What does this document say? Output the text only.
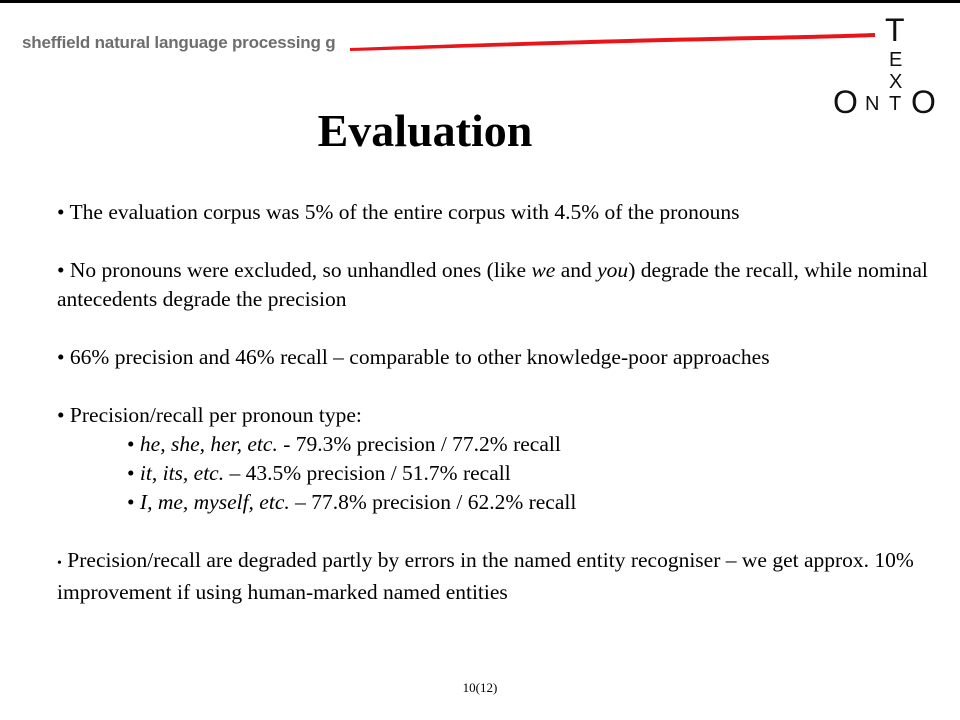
sheffield natural language processing g	T
E
X
O N T O
Evaluation

• The evaluation corpus was 5% of the entire corpus with 4.5% of the pronouns

• No pronouns were excluded, so unhandled ones (like we and you) degrade the recall, while nominal antecedents degrade the precision

• 66% precision and 46% recall – comparable to other knowledge-poor approaches

• Precision/recall per pronoun type:

• he, she, her, etc. - 79.3% precision / 77.2% recall

• it, its, etc. – 43.5% precision / 51.7% recall

• I, me, myself, etc. – 77.8% precision / 62.2% recall

• Precision/recall are degraded partly by errors in the named entity recogniser – we get approx. 10% improvement if using human-marked named entities

10(12)
